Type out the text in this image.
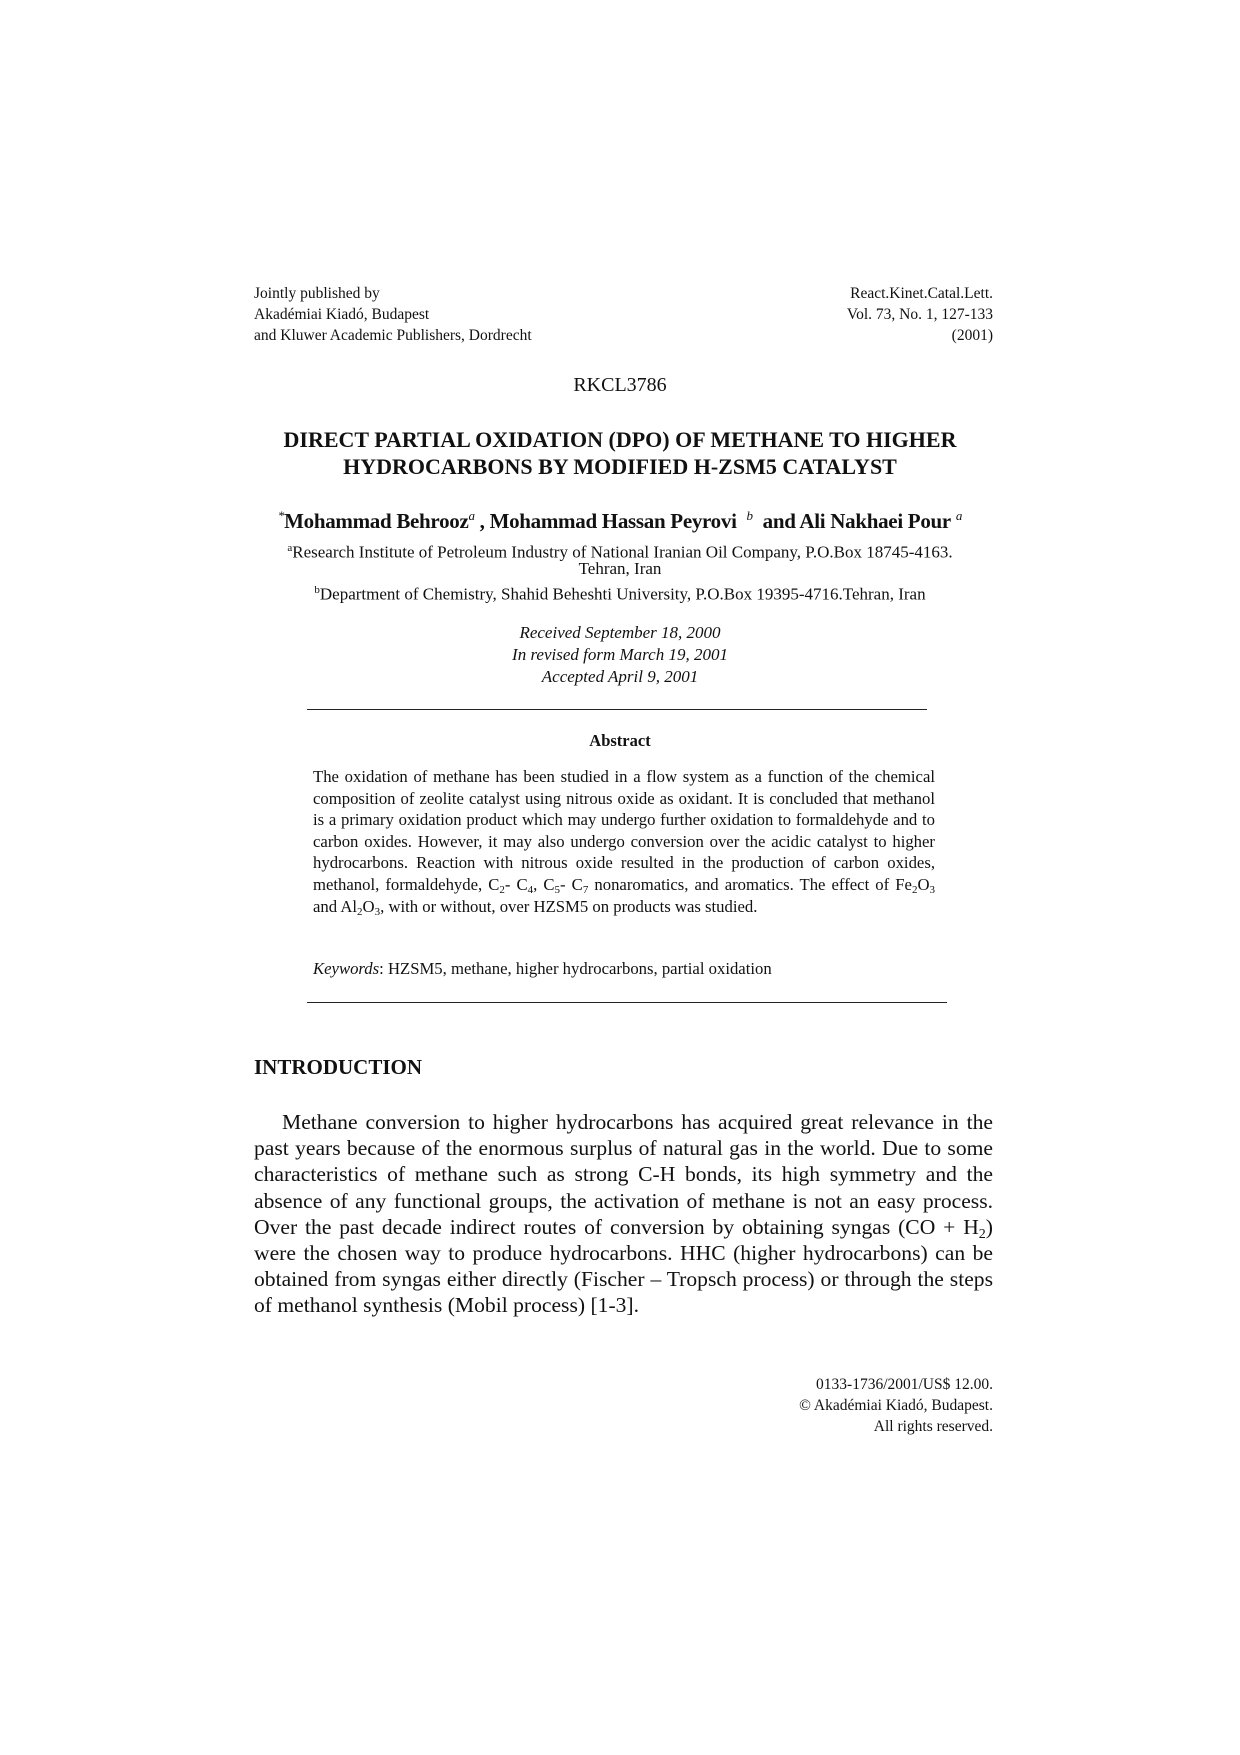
Jointly published by
Akadémiai Kiadó, Budapest
and Kluwer Academic Publishers, Dordrecht
React.Kinet.Catal.Lett.
Vol. 73, No. 1, 127-133
(2001)
RKCL3786
DIRECT PARTIAL OXIDATION (DPO) OF METHANE TO HIGHER
HYDROCARBONS BY MODIFIED H-ZSM5 CATALYST
*Mohammad Behrooz$^a$ , Mohammad Hassan Peyrovi $^b$  and Ali Nakhaei Pour $^a$
$^a$Research Institute of Petroleum Industry of National Iranian Oil Company, P.O.Box 18745-4163.
Tehran, Iran
$^b$Department of Chemistry, Shahid Beheshti University, P.O.Box 19395-4716.Tehran, Iran
Received September 18, 2000
In revised form March 19, 2001
Accepted April 9, 2001
Abstract
The oxidation of methane has been studied in a flow system as a function of the chemical composition of zeolite catalyst using nitrous oxide as oxidant. It is concluded that methanol is a primary oxidation product which may undergo further oxidation to formaldehyde and to carbon oxides. However, it may also undergo conversion over the acidic catalyst to higher hydrocarbons. Reaction with nitrous oxide resulted in the production of carbon oxides, methanol, formaldehyde, $C_2-$ $C_4$, $C_5-$ $C_7$ nonaromatics, and aromatics. The effect of $Fe_2O_3$ and $Al_2O_3$, with or without, over HZSM5 on products was studied.
Keywords: HZSM5, methane, higher hydrocarbons, partial oxidation
INTRODUCTION
Methane conversion to higher hydrocarbons has acquired great relevance in the past years because of the enormous surplus of natural gas in the world. Due to some characteristics of methane such as strong C-H bonds, its high symmetry and the absence of any functional groups, the activation of methane is not an easy process. Over the past decade indirect routes of conversion by obtaining syngas $(CO + H_2)$ were the chosen way to produce hydrocarbons. HHC (higher hydrocarbons) can be obtained from syngas either directly (Fischer – Tropsch process) or through the steps of methanol synthesis (Mobil process) [1-3].
0133-1736/2001/US$ 12.00.
© Akadémiai Kiadó, Budapest.
All rights reserved.
